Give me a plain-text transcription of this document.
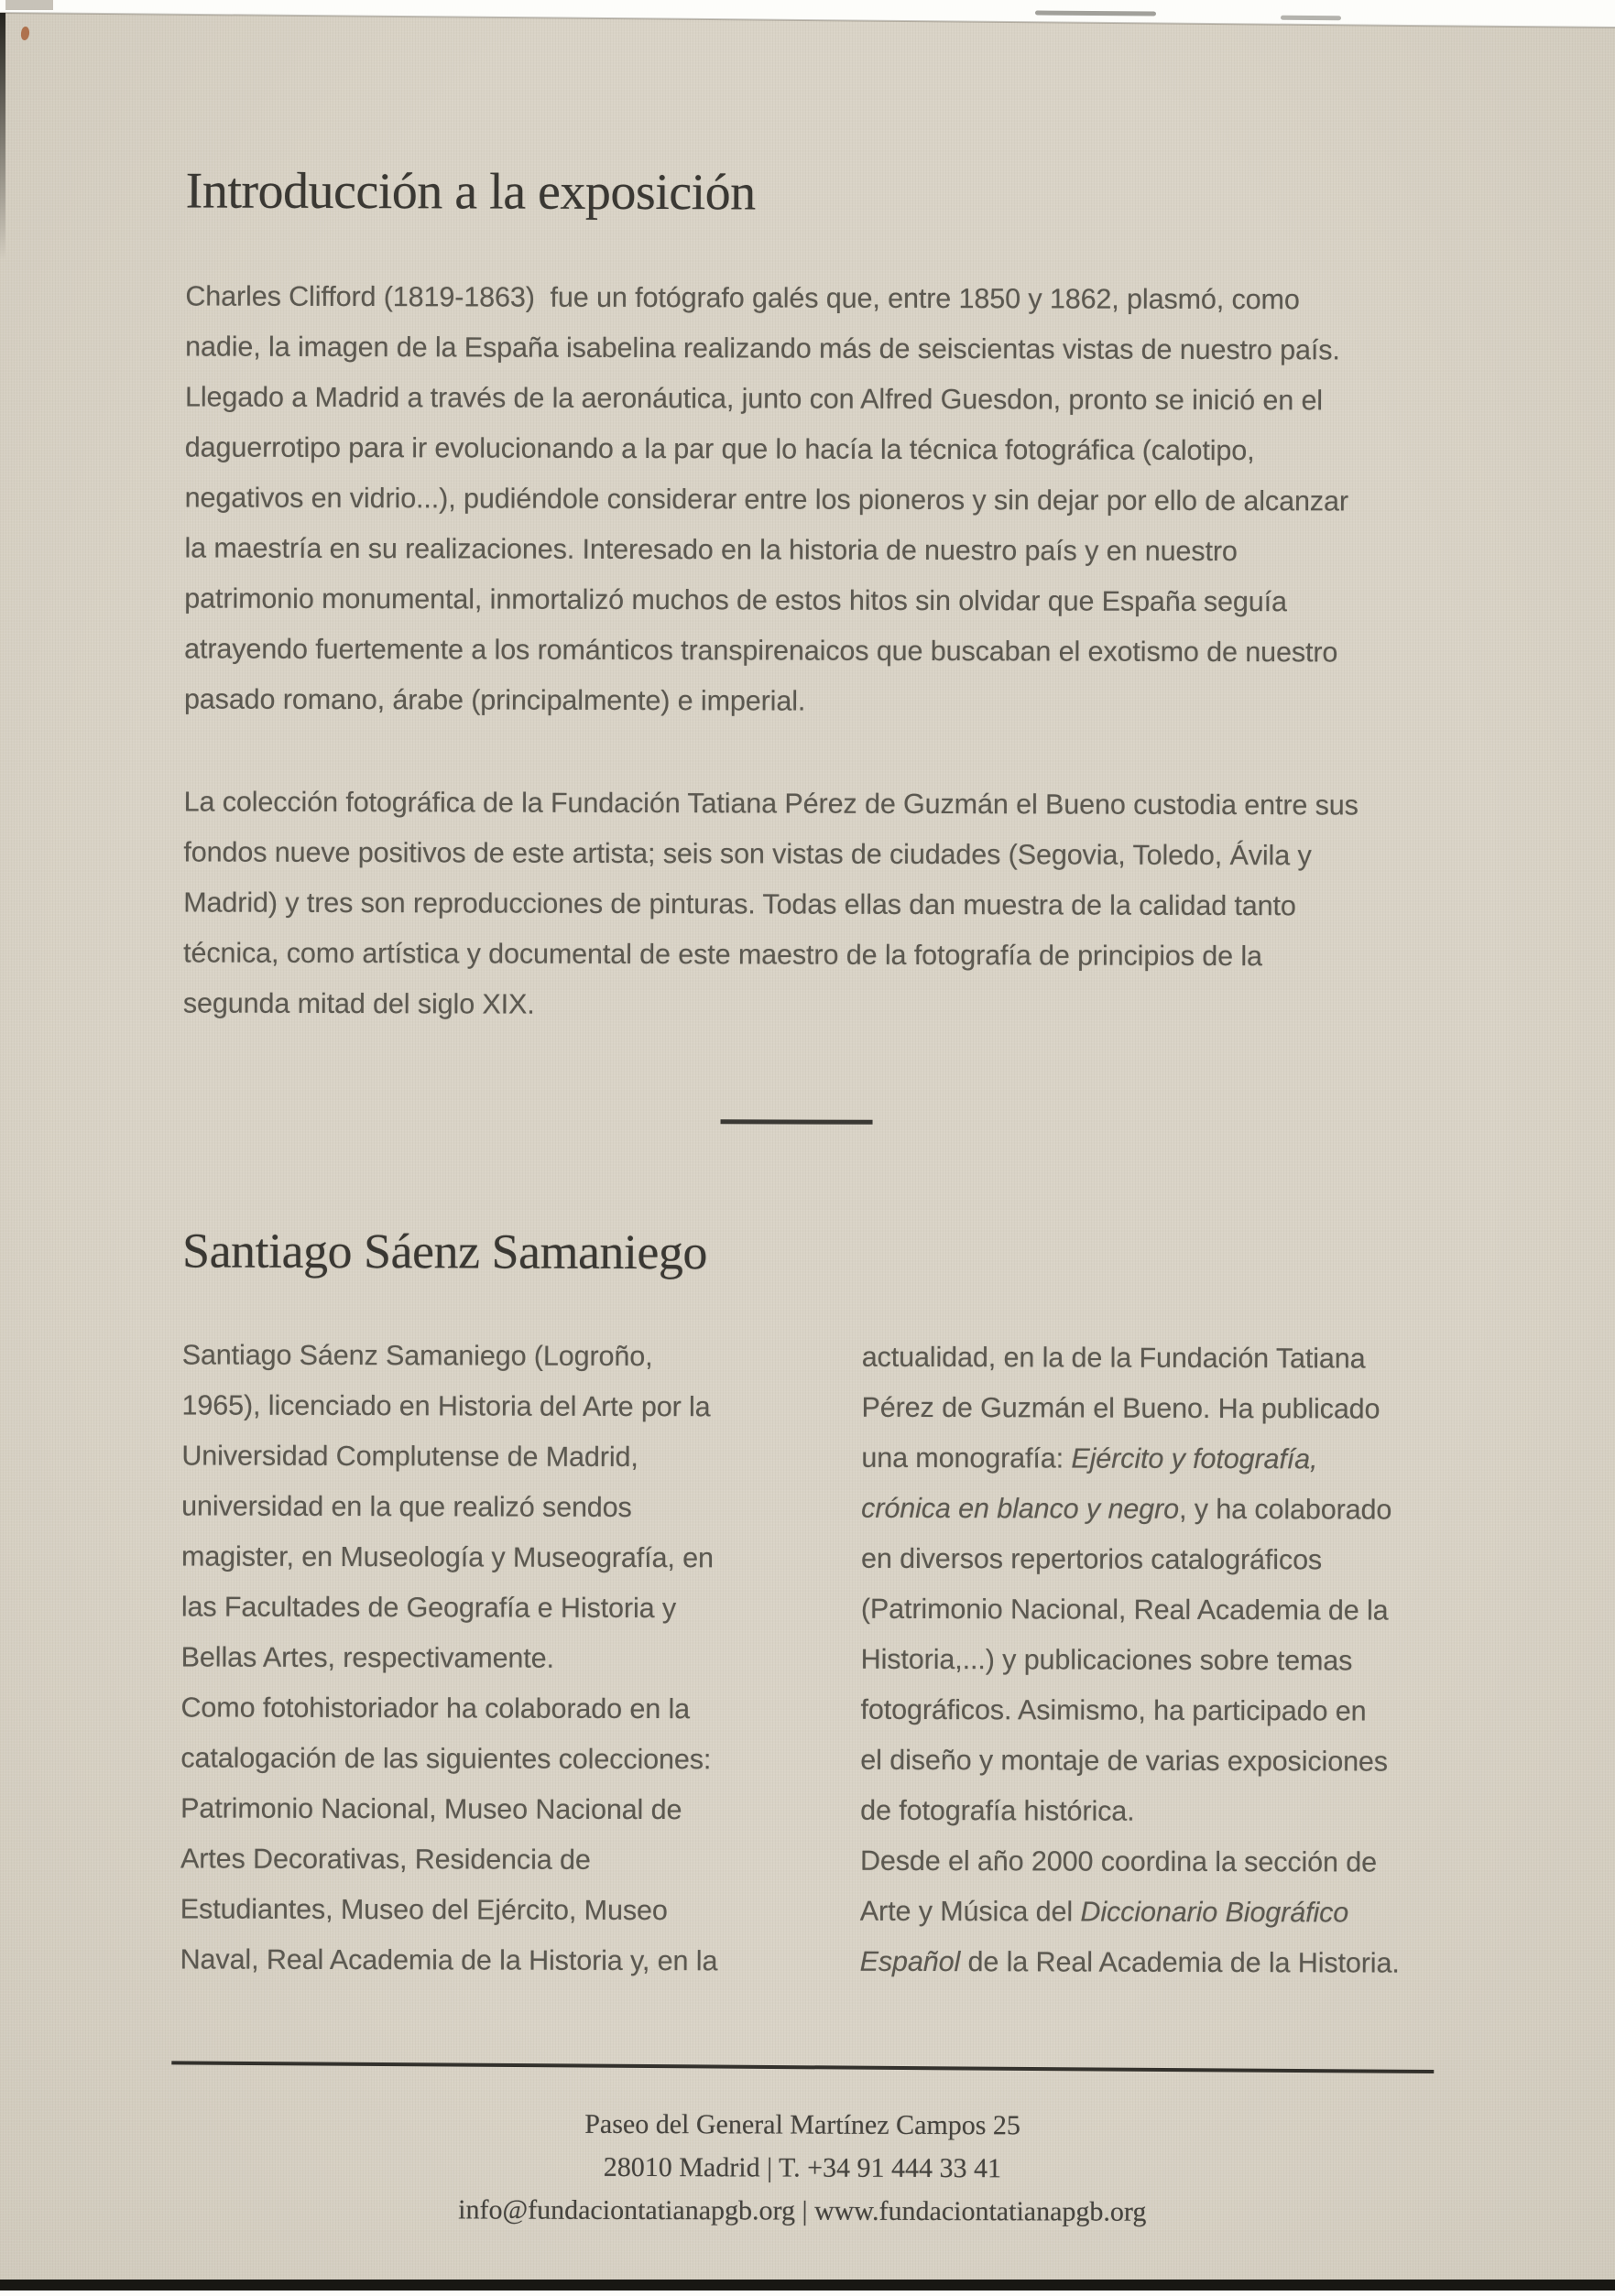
Introducción a la exposición
Charles Clifford (1819-1863)  fue un fotógrafo galés que, entre 1850 y 1862, plasmó, como
nadie, la imagen de la España isabelina realizando más de seiscientas vistas de nuestro país.
Llegado a Madrid a través de la aeronáutica, junto con Alfred Guesdon, pronto se inició en el
daguerrotipo para ir evolucionando a la par que lo hacía la técnica fotográfica (calotipo,
negativos en vidrio...), pudiéndole considerar entre los pioneros y sin dejar por ello de alcanzar
la maestría en su realizaciones. Interesado en la historia de nuestro país y en nuestro
patrimonio monumental, inmortalizó muchos de estos hitos sin olvidar que España seguía
atrayendo fuertemente a los románticos transpirenaicos que buscaban el exotismo de nuestro
pasado romano, árabe (principalmente) e imperial.
La colección fotográfica de la Fundación Tatiana Pérez de Guzmán el Bueno custodia entre sus
fondos nueve positivos de este artista; seis son vistas de ciudades (Segovia, Toledo, Ávila y
Madrid) y tres son reproducciones de pinturas. Todas ellas dan muestra de la calidad tanto
técnica, como artística y documental de este maestro de la fotografía de principios de la
segunda mitad del siglo XIX.
Santiago Sáenz Samaniego
Santiago Sáenz Samaniego (Logroño,
1965), licenciado en Historia del Arte por la
Universidad Complutense de Madrid,
universidad en la que realizó sendos
magister, en Museología y Museografía, en
las Facultades de Geografía e Historia y
Bellas Artes, respectivamente.
Como fotohistoriador ha colaborado en la
catalogación de las siguientes colecciones:
Patrimonio Nacional, Museo Nacional de
Artes Decorativas, Residencia de
Estudiantes, Museo del Ejército, Museo
Naval, Real Academia de la Historia y, en la
actualidad, en la de la Fundación Tatiana
Pérez de Guzmán el Bueno. Ha publicado
una monografía: Ejército y fotografía,
crónica en blanco y negro, y ha colaborado
en diversos repertorios catalográficos
(Patrimonio Nacional, Real Academia de la
Historia,...) y publicaciones sobre temas
fotográficos. Asimismo, ha participado en
el diseño y montaje de varias exposiciones
de fotografía histórica.
Desde el año 2000 coordina la sección de
Arte y Música del Diccionario Biográfico
Español de la Real Academia de la Historia.
Paseo del General Martínez Campos 25
28010 Madrid | T. +34 91 444 33 41
info@fundaciontatianapgb.org | www.fundaciontatianapgb.org
